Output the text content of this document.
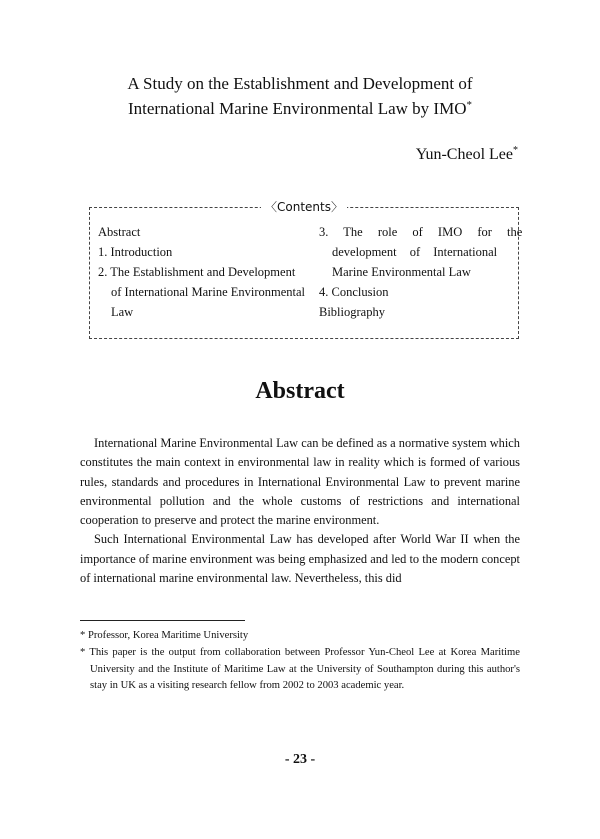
A Study on the Establishment and Development of
International Marine Environmental Law by IMO*
Yun-Cheol Lee*
〈Contents〉
Abstract
1. Introduction
2. The Establishment and Development
of International Marine Environmental
Law
3. The role of IMO for the
development of International
Marine Environmental Law
4. Conclusion
Bibliography
Abstract

International Marine Environmental Law can be defined as a normative system which constitutes the main context in environmental law in reality which is formed of various rules, standards and procedures in International Environmental Law to prevent marine environmental pollution and the whole customs of restrictions and international cooperation to preserve and protect the marine environment.

Such International Environmental Law has developed after World War II when the importance of marine environment was being emphasized and led to the modern concept of international marine environmental law. Nevertheless, this did

* Professor, Korea Maritime University
* This paper is the output from collaboration between Professor Yun-Cheol Lee at Korea Maritime University and the Institute of Maritime Law at the University of Southampton during this author's stay in UK as a visiting research fellow from 2002 to 2003 academic year.
- 23 -
